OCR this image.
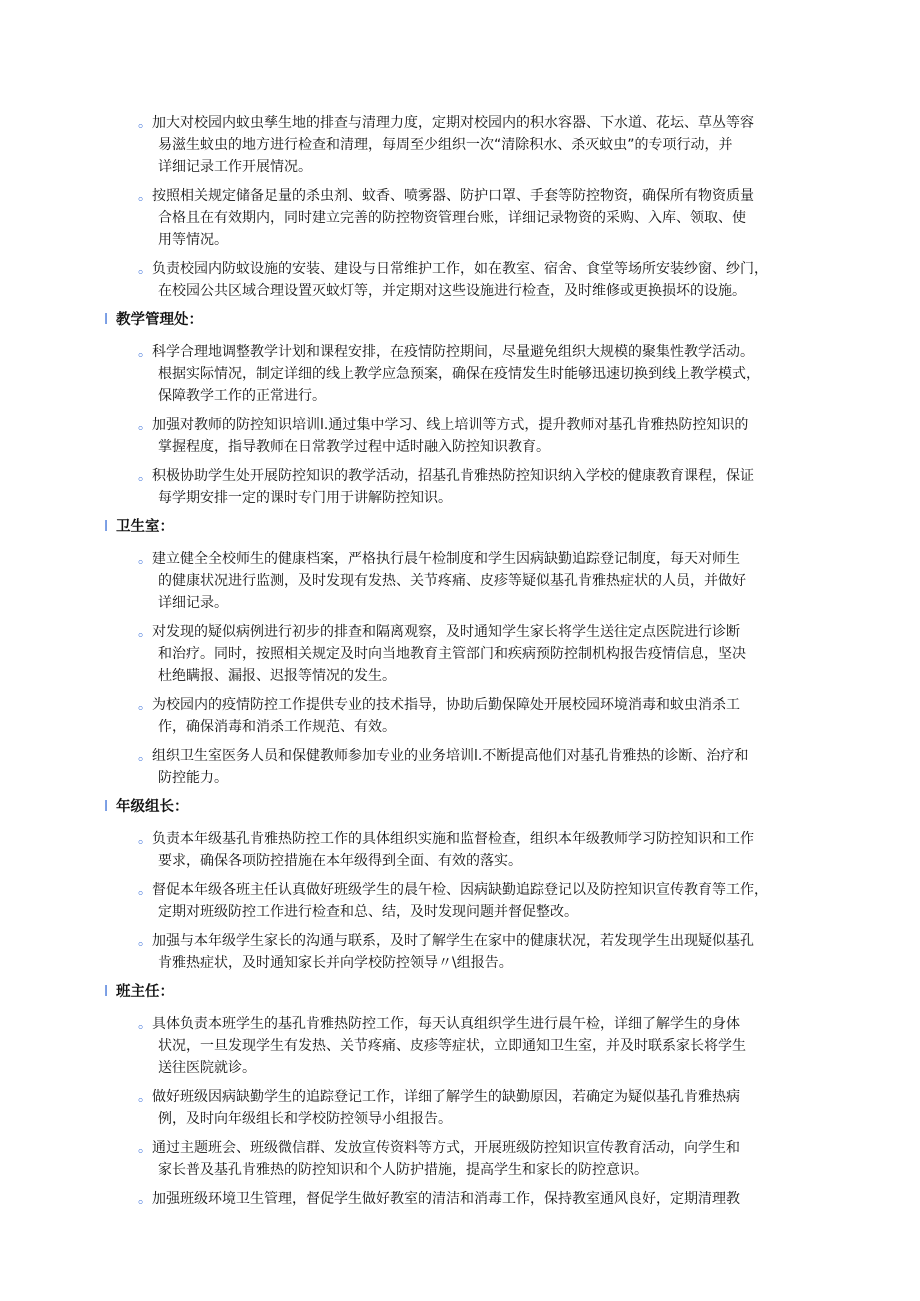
。 加大对校园内蚊虫孳生地的排查与清理力度，定期对校园内的积水容器、下水道、花坛、草丛等容
易滋生蚊虫的地方进行检查和清理，每周至少组织一次“清除积水、杀灭蚊虫”的专项行动，并
详细记录工作开展情况。
。 按照相关规定储备足量的杀虫剂、蚊香、喷雾器、防护口罩、手套等防控物资，确保所有物资质量
合格且在有效期内，同时建立完善的防控物资管理台账，详细记录物资的采购、入库、领取、使
用等情况。
。 负责校园内防蚊设施的安装、建设与日常维护工作，如在教室、宿舍、食堂等场所安装纱窗、纱门，
在校园公共区域合理设置灭蚊灯等，并定期对这些设施进行检查，及时维修或更换损坏的设施。
l 教学管理处：
。 科学合理地调整教学计划和课程安排，在疫情防控期间，尽量避免组织大规模的聚集性教学活动。
根据实际情况，制定详细的线上教学应急预案，确保在疫情发生时能够迅速切换到线上教学模式，
保障教学工作的正常进行。
。 加强对教师的防控知识培训l.通过集中学习、线上培训等方式，提升教师对基孔肯雅热防控知识的
掌握程度，指导教师在日常教学过程中适时融入防控知识教育。
。 积极协助学生处开展防控知识的教学活动，招基孔肯雅热防控知识纳入学校的健康教育课程，保证
每学期安排一定的课时专门用于讲解防控知识。
l 卫生室：
。 建立健全全校师生的健康档案，严格执行晨午检制度和学生因病缺勤追踪登记制度，每天对师生
的健康状况进行监测，及时发现有发热、关节疼痛、皮疹等疑似基孔肯雅热症状的人员，并做好
详细记录。
。 对发现的疑似病例进行初步的排查和隔离观察，及时通知学生家长将学生送往定点医院进行诊断
和治疗。同时，按照相关规定及时向当地教育主管部门和疾病预防控制机构报告疫情信息，坚决
杜绝瞒报、漏报、迟报等情况的发生。
。 为校园内的疫情防控工作提供专业的技术指导，协助后勤保障处开展校园环境消毒和蚊虫消杀工
作，确保消毒和消杀工作规范、有效。
。 组织卫生室医务人员和保健教师参加专业的业务培训l.不断提高他们对基孔肯雅热的诊断、治疗和
防控能力。
l 年级组长：
。 负责本年级基孔肯雅热防控工作的具体组织实施和监督检查，组织本年级教师学习防控知识和工作
要求，确保各项防控措施在本年级得到全面、有效的落实。
。 督促本年级各班主任认真做好班级学生的晨午检、因病缺勤追踪登记以及防控知识宣传教育等工作，
定期对班级防控工作进行检查和总、结，及时发现问题并督促整改。
。 加强与本年级学生家长的沟通与联系，及时了解学生在家中的健康状况，若发现学生出现疑似基孔
肯雅热症状，及时通知家长并向学校防控领导〃\组报告。
l 班主任：
。 具体负责本班学生的基孔肯雅热防控工作，每天认真组织学生进行晨午检，详细了解学生的身体
状况，一旦发现学生有发热、关节疼痛、皮疹等症状，立即通知卫生室，并及时联系家长将学生
送往医院就诊。
。 做好班级因病缺勤学生的追踪登记工作，详细了解学生的缺勤原因，若确定为疑似基孔肯雅热病
例，及时向年级组长和学校防控领导小组报告。
。 通过主题班会、班级微信群、发放宣传资料等方式，开展班级防控知识宣传教育活动，向学生和
家长普及基孔肯雅热的防控知识和个人防护措施，提高学生和家长的防控意识。
。 加强班级环境卫生管理，督促学生做好教室的清洁和消毒工作，保持教室通风良好，定期清理教
